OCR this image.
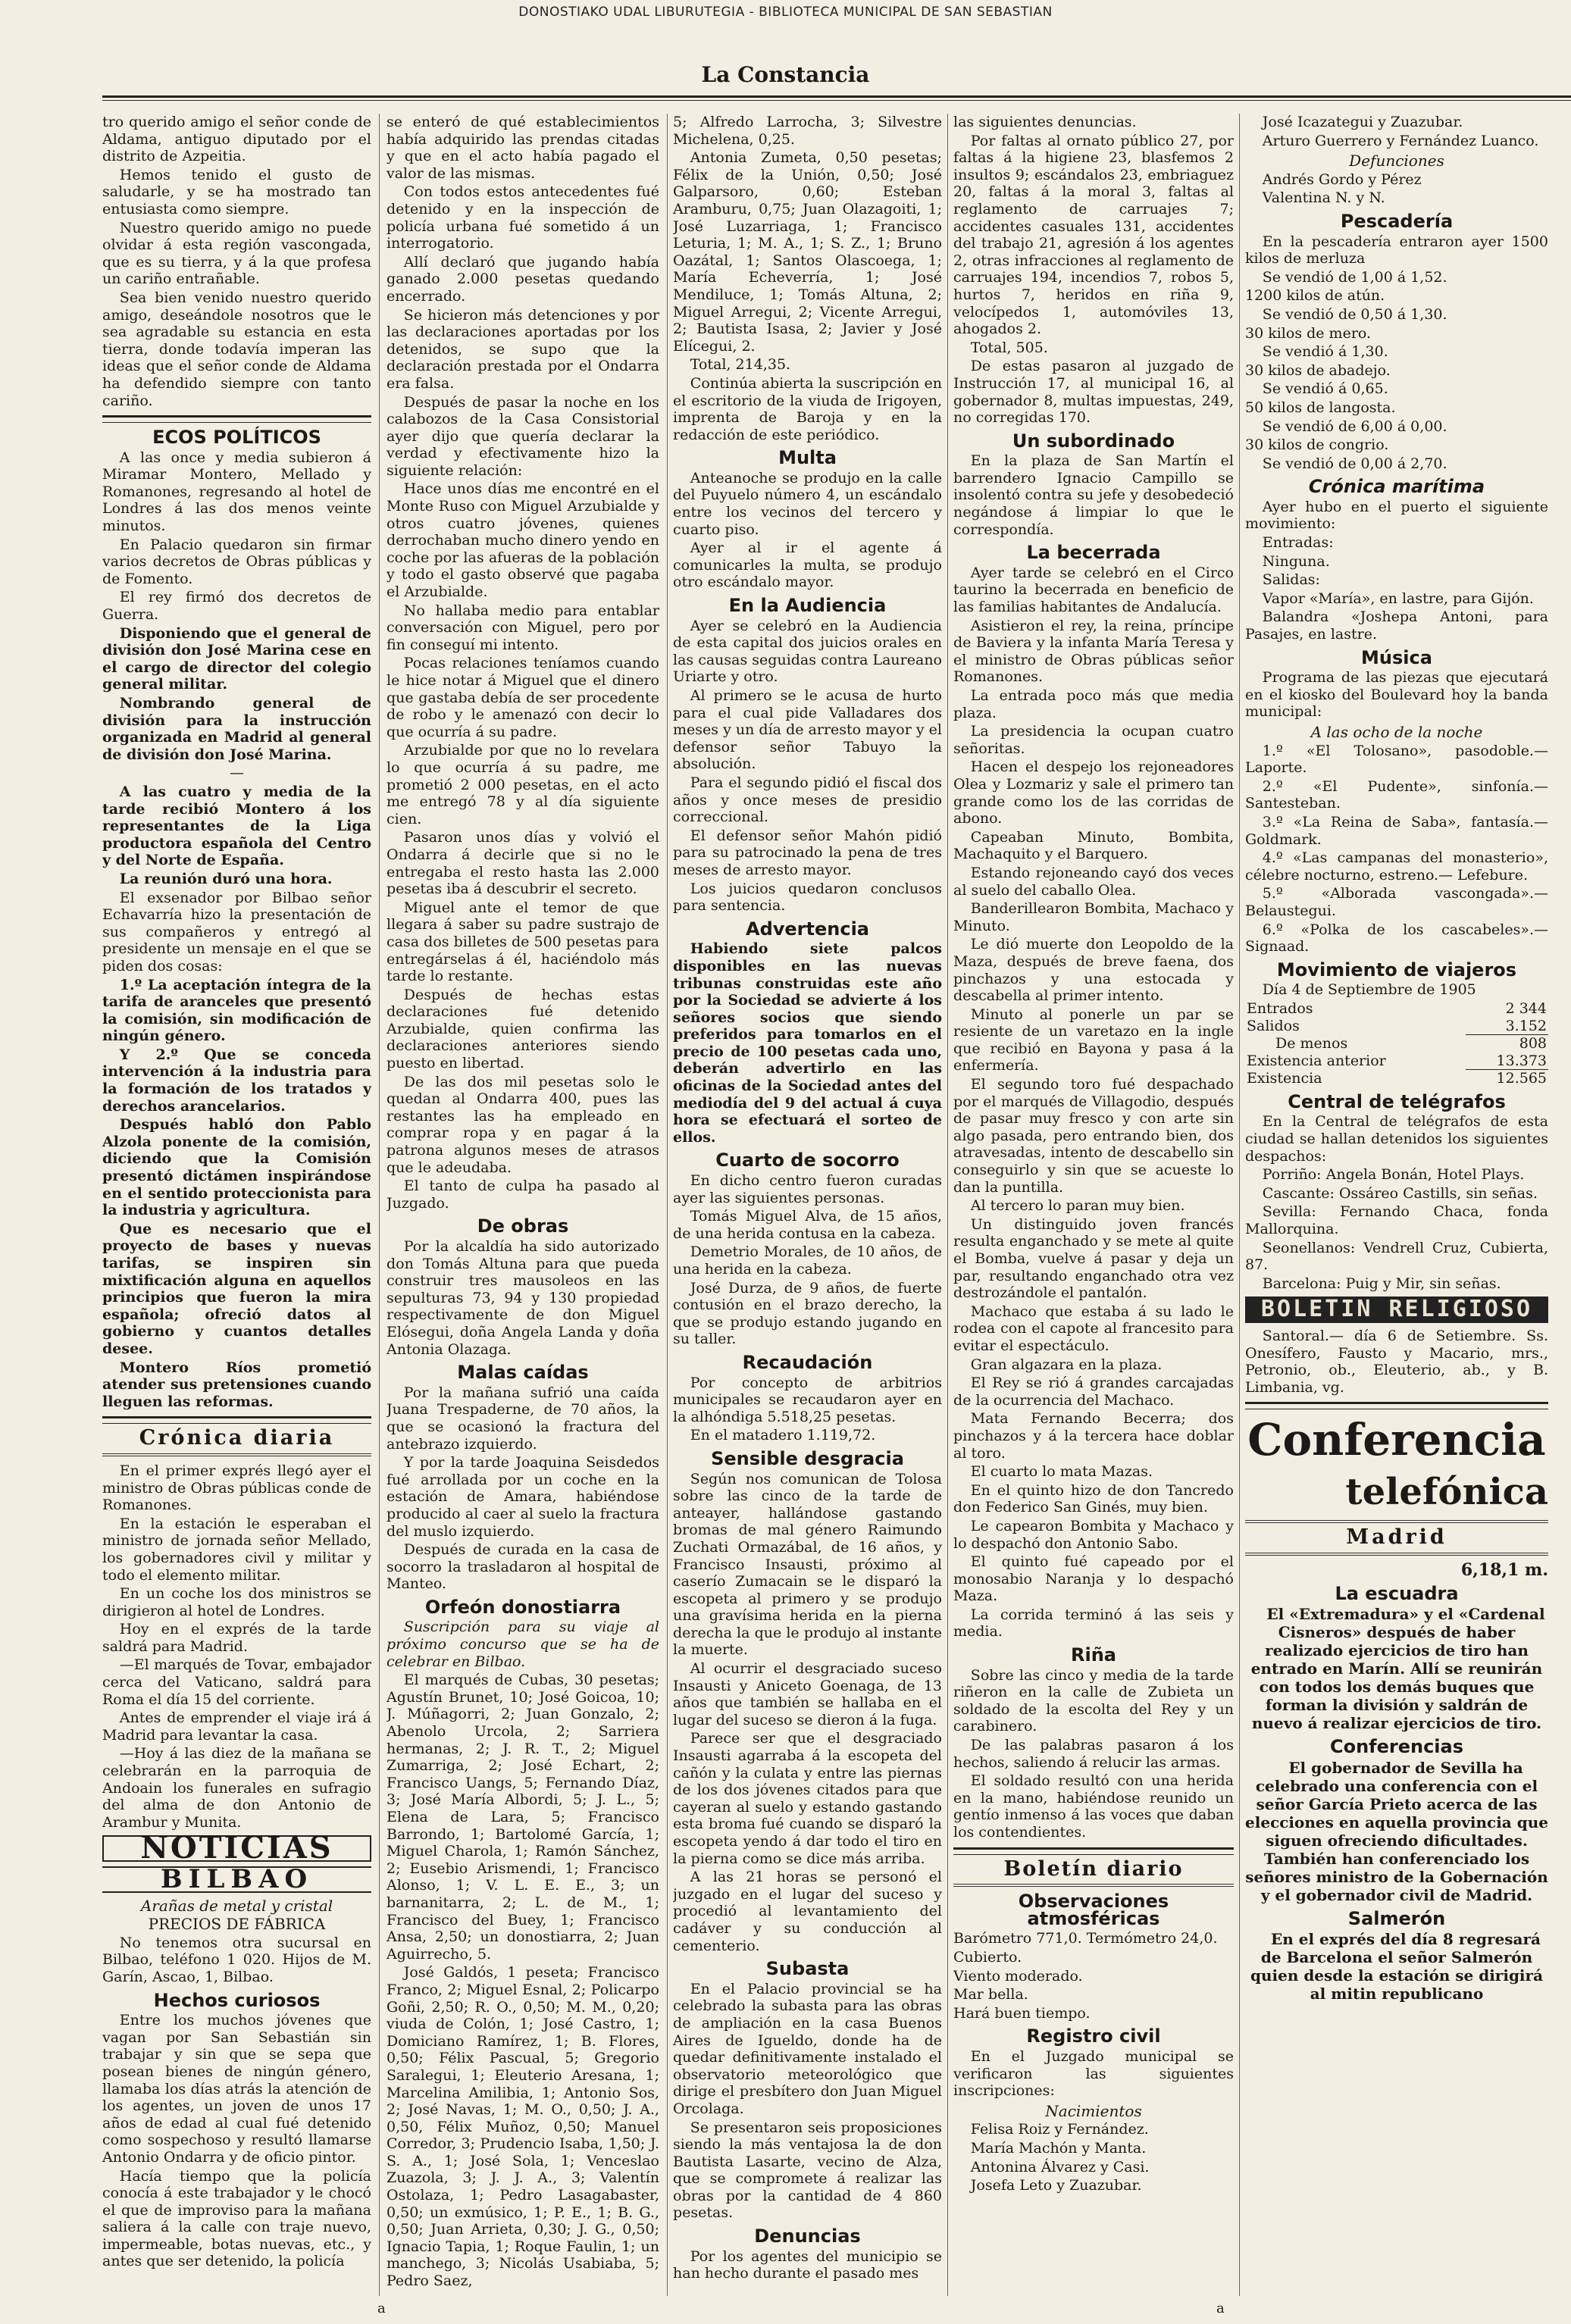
DONOSTIAKO UDAL LIBURUTEGIA - BIBLIOTECA MUNICIPAL DE SAN SEBASTIAN
La Constancia

tro querido amigo el señor conde de Aldama, antiguo diputado por el distrito de Azpeitia.

Hemos tenido el gusto de saludarle, y se ha mostrado tan entusiasta como siempre.

Nuestro querido amigo no puede olvidar á esta región vascongada, que es su tierra, y á la que profesa un cariño entrañable.

Sea bien venido nuestro querido amigo, deseándole nosotros que le sea agradable su estancia en esta tierra, donde todavía imperan las ideas que el señor conde de Aldama ha defendido siempre con tanto cariño.

ECOS POLÍTICOS

A las once y media subieron á Miramar Montero, Mellado y Romanones, regresando al hotel de Londres á las dos menos veinte minutos.

En Palacio quedaron sin firmar varios decretos de Obras públicas y de Fomento.

El rey firmó dos decretos de Guerra.

Disponiendo que el general de división don José Marina cese en el cargo de director del colegio general militar.

Nombrando general de división para la instrucción organizada en Madrid al general de división don José Marina.

—

A las cuatro y media de la tarde recibió Montero á los representantes de la Liga productora española del Centro y del Norte de España.

La reunión duró una hora.

El exsenador por Bilbao señor Echavarría hizo la presentación de sus compañeros y entregó al presidente un mensaje en el que se piden dos cosas:

1.º La aceptación íntegra de la tarifa de aranceles que presentó la comisión, sin modificación de ningún género.

Y 2.º Que se conceda intervención á la industria para la formación de los tratados y derechos arancelarios.

Después habló don Pablo Alzola ponente de la comisión, diciendo que la Comisión presentó dictámen inspirándose en el sentido proteccionista para la industria y agricultura.

Que es necesario que el proyecto de bases y nuevas tarifas, se inspiren sin mixtificación alguna en aquellos principios que fueron la mira española; ofreció datos al gobierno y cuantos detalles desee.

Montero Ríos prometió atender sus pretensiones cuando lleguen las reformas.

Crónica diaria

En el primer exprés llegó ayer el ministro de Obras públicas conde de Romanones.

En la estación le esperaban el ministro de jornada señor Mellado, los gobernadores civil y militar y todo el elemento militar.

En un coche los dos ministros se dirigieron al hotel de Londres.

Hoy en el exprés de la tarde saldrá para Madrid.

—El marqués de Tovar, embajador cerca del Vaticano, saldrá para Roma el día 15 del corriente.

Antes de emprender el viaje irá á Madrid para levantar la casa.

—Hoy á las diez de la mañana se celebrarán en la parroquia de Andoain los funerales en sufragio del alma de don Antonio de Arambur y Munita.

NOTICIAS
BILBAO
Arañas de metal y cristal
PRECIOS DE FÁBRICA

No tenemos otra sucursal en Bilbao, teléfono 1 020. Hijos de M. Garín, Ascao, 1, Bilbao.

Hechos curiosos

Entre los muchos jóvenes que vagan por San Sebastián sin trabajar y sin que se sepa que posean bienes de ningún género, llamaba los días atrás la atención de los agentes, un joven de unos 17 años de edad al cual fué detenido como sospechoso y resultó llamarse Antonio Ondarra y de oficio pintor.

Hacía tiempo que la policía conocía á este trabajador y le chocó el que de improviso para la mañana saliera á la calle con traje nuevo, impermeable, botas nuevas, etc., y antes que ser detenido, la policía

se enteró de qué establecimientos había adquirido las prendas citadas y que en el acto había pagado el valor de las mismas.

Con todos estos antecedentes fué detenido y en la inspección de policía urbana fué sometido á un interrogatorio.

Allí declaró que jugando había ganado 2.000 pesetas quedando encerrado.

Se hicieron más detenciones y por las declaraciones aportadas por los detenidos, se supo que la declaración prestada por el Ondarra era falsa.

Después de pasar la noche en los calabozos de la Casa Consistorial ayer dijo que quería declarar la verdad y efectivamente hizo la siguiente relación:

Hace unos días me encontré en el Monte Ruso con Miguel Arzubialde y otros cuatro jóvenes, quienes derrochaban mucho dinero yendo en coche por las afueras de la población y todo el gasto observé que pagaba el Arzubialde.

No hallaba medio para entablar conversación con Miguel, pero por fin conseguí mi intento.

Pocas relaciones teníamos cuando le hice notar á Miguel que el dinero que gastaba debía de ser procedente de robo y le amenazó con decir lo que ocurría á su padre.

Arzubialde por que no lo revelara lo que ocurría á su padre, me prometió 2 000 pesetas, en el acto me entregó 78 y al día siguiente cien.

Pasaron unos días y volvió el Ondarra á decirle que si no le entregaba el resto hasta las 2.000 pesetas iba á descubrir el secreto.

Miguel ante el temor de que llegara á saber su padre sustrajo de casa dos billetes de 500 pesetas para entregárselas á él, haciéndolo más tarde lo restante.

Después de hechas estas declaraciones fué detenido Arzubialde, quien confirma las declaraciones anteriores siendo puesto en libertad.

De las dos mil pesetas solo le quedan al Ondarra 400, pues las restantes las ha empleado en comprar ropa y en pagar á la patrona algunos meses de atrasos que le adeudaba.

El tanto de culpa ha pasado al Juzgado.

De obras

Por la alcaldía ha sido autorizado don Tomás Altuna para que pueda construir tres mausoleos en las sepulturas 73, 94 y 130 propiedad respectivamente de don Miguel Elósegui, doña Angela Landa y doña Antonia Olazaga.

Malas caídas

Por la mañana sufrió una caída Juana Trespaderne, de 70 años, la que se ocasionó la fractura del antebrazo izquierdo.

Y por la tarde Joaquina Seisdedos fué arrollada por un coche en la estación de Amara, habiéndose producido al caer al suelo la fractura del muslo izquierdo.

Después de curada en la casa de socorro la trasladaron al hospital de Manteo.

Orfeón donostiarra

Suscripción para su viaje al próximo concurso que se ha de celebrar en Bilbao.

El marqués de Cubas, 30 pesetas; Agustín Brunet, 10; José Goicoa, 10; J. Múñagorri, 2; Juan Gonzalo, 2; Abenolo Urcola, 2; Sarriera hermanas, 2; J. R. T., 2; Miguel Zumarriga, 2; José Echart, 2; Francisco Uangs, 5; Fernando Díaz, 3; José María Albordi, 5; J. L., 5; Elena de Lara, 5; Francisco Barrondo, 1; Bartolomé García, 1; Miguel Charola, 1; Ramón Sánchez, 2; Eusebio Arismendi, 1; Francisco Alonso, 1; V. L. E. E., 3; un barnanitarra, 2; L. de M., 1; Francisco del Buey, 1; Francisco Ansa, 2,50; un donostiarra, 2; Juan Aguirrecho, 5.

José Galdós, 1 peseta; Francisco Franco, 2; Miguel Esnal, 2; Policarpo Goñi, 2,50; R. O., 0,50; M. M., 0,20; viuda de Colón, 1; José Castro, 1; Domiciano Ramírez, 1; B. Flores, 0,50; Félix Pascual, 5; Gregorio Saralegui, 1; Eleuterio Aresana, 1; Marcelina Amilibia, 1; Antonio Sos, 2; José Navas, 1; M. O., 0,50; J. A., 0,50, Félix Muñoz, 0,50; Manuel Corredor, 3; Prudencio Isaba, 1,50; J. S. A., 1; José Sola, 1; Venceslao Zuazola, 3; J. J. A., 3; Valentín Ostolaza, 1; Pedro Lasagabaster, 0,50; un exmúsico, 1; P. E., 1; B. G., 0,50; Juan Arrieta, 0,30; J. G., 0,50; Ignacio Tapia, 1; Roque Faulin, 1; un manchego, 3; Nicolás Usabiaba, 5; Pedro Saez,

5; Alfredo Larrocha, 3; Silvestre Michelena, 0,25.

Antonia Zumeta, 0,50 pesetas; Félix de la Unión, 0,50; José Galparsoro, 0,60; Esteban Aramburu, 0,75; Juan Olazagoiti, 1; José Luzarriaga, 1; Francisco Leturia, 1; M. A., 1; S. Z., 1; Bruno Oazátal, 1; Santos Olascoega, 1; María Echeverría, 1; José Mendiluce, 1; Tomás Altuna, 2; Miguel Arregui, 2; Vicente Arregui, 2; Bautista Isasa, 2; Javier y José Elícegui, 2.

Total, 214,35.

Continúa abierta la suscripción en el escritorio de la viuda de Irigoyen, imprenta de Baroja y en la redacción de este periódico.

Multa

Anteanoche se produjo en la calle del Puyuelo número 4, un escándalo entre los vecinos del tercero y cuarto piso.

Ayer al ir el agente á comunicarles la multa, se produjo otro escándalo mayor.

En la Audiencia

Ayer se celebró en la Audiencia de esta capital dos juicios orales en las causas seguidas contra Laureano Uriarte y otro.

Al primero se le acusa de hurto para el cual pide Valladares dos meses y un día de arresto mayor y el defensor señor Tabuyo la absolución.

Para el segundo pidió el fiscal dos años y once meses de presidio correccional.

El defensor señor Mahón pidió para su patrocinado la pena de tres meses de arresto mayor.

Los juicios quedaron conclusos para sentencia.

Advertencia

Habiendo siete palcos disponibles en las nuevas tribunas construidas este año por la Sociedad se advierte á los señores socios que siendo preferidos para tomarlos en el precio de 100 pesetas cada uno, deberán advertirlo en las oficinas de la Sociedad antes del mediodía del 9 del actual á cuya hora se efectuará el sorteo de ellos.

Cuarto de socorro

En dicho centro fueron curadas ayer las siguientes personas.

Tomás Miguel Alva, de 15 años, de una herida contusa en la cabeza.

Demetrio Morales, de 10 años, de una herida en la cabeza.

José Durza, de 9 años, de fuerte contusión en el brazo derecho, la que se produjo estando jugando en su taller.

Recaudación

Por concepto de arbitrios municipales se recaudaron ayer en la alhóndiga 5.518,25 pesetas.

En el matadero 1.119,72.

Sensible desgracia

Según nos comunican de Tolosa sobre las cinco de la tarde de anteayer, hallándose gastando bromas de mal género Raimundo Zuchati Ormazábal, de 16 años, y Francisco Insausti, próximo al caserío Zumacain se le disparó la escopeta al primero y se produjo una gravísima herida en la pierna derecha la que le produjo al instante la muerte.

Al ocurrir el desgraciado suceso Insausti y Aniceto Goenaga, de 13 años que también se hallaba en el lugar del suceso se dieron á la fuga.

Parece ser que el desgraciado Insausti agarraba á la escopeta del cañón y la culata y entre las piernas de los dos jóvenes citados para que cayeran al suelo y estando gastando esta broma fué cuando se disparó la escopeta yendo á dar todo el tiro en la pierna como se dice más arriba.

A las 21 horas se personó el juzgado en el lugar del suceso y procedió al levantamiento del cadáver y su conducción al cementerio.

Subasta

En el Palacio provincial se ha celebrado la subasta para las obras de ampliación en la casa Buenos Aires de Igueldo, donde ha de quedar definitivamente instalado el observatorio meteorológico que dirige el presbítero don Juan Miguel Orcolaga.

Se presentaron seis proposiciones siendo la más ventajosa la de don Bautista Lasarte, vecino de Alza, que se compromete á realizar las obras por la cantidad de 4 860 pesetas.

Denuncias

Por los agentes del municipio se han hecho durante el pasado mes

las siguientes denuncias.

Por faltas al ornato público 27, por faltas á la higiene 23, blasfemos 2 insultos 9; escándalos 23, embriaguez 20, faltas á la moral 3, faltas al reglamento de carruajes 7; accidentes casuales 131, accidentes del trabajo 21, agresión á los agentes 2, otras infracciones al reglamento de carruajes 194, incendios 7, robos 5, hurtos 7, heridos en riña 9, velocípedos 1, automóviles 13, ahogados 2.

Total, 505.

De estas pasaron al juzgado de Instrucción 17, al municipal 16, al gobernador 8, multas impuestas, 249, no corregidas 170.

Un subordinado

En la plaza de San Martín el barrendero Ignacio Campillo se insolentó contra su jefe y desobedeció negándose á limpiar lo que le correspondía.

La becerrada

Ayer tarde se celebró en el Circo taurino la becerrada en beneficio de las familias habitantes de Andalucía.

Asistieron el rey, la reina, príncipe de Baviera y la infanta María Teresa y el ministro de Obras públicas señor Romanones.

La entrada poco más que media plaza.

La presidencia la ocupan cuatro señoritas.

Hacen el despejo los rejoneadores Olea y Lozmariz y sale el primero tan grande como los de las corridas de abono.

Capeaban Minuto, Bombita, Machaquito y el Barquero.

Estando rejoneando cayó dos veces al suelo del caballo Olea.

Banderillearon Bombita, Machaco y Minuto.

Le dió muerte don Leopoldo de la Maza, después de breve faena, dos pinchazos y una estocada y descabella al primer intento.

Minuto al ponerle un par se resiente de un varetazo en la ingle que recibió en Bayona y pasa á la enfermería.

El segundo toro fué despachado por el marqués de Villagodio, después de pasar muy fresco y con arte sin algo pasada, pero entrando bien, dos atravesadas, intento de descabello sin conseguirlo y sin que se acueste lo dan la puntilla.

Al tercero lo paran muy bien.

Un distinguido joven francés resulta enganchado y se mete al quite el Bomba, vuelve á pasar y deja un par, resultando enganchado otra vez destrozándole el pantalón.

Machaco que estaba á su lado le rodea con el capote al francesito para evitar el espectáculo.

Gran algazara en la plaza.

El Rey se rió á grandes carcajadas de la ocurrencia del Machaco.

Mata Fernando Becerra; dos pinchazos y á la tercera hace doblar al toro.

El cuarto lo mata Mazas.

En el quinto hizo de don Tancredo don Federico San Ginés, muy bien.

Le capearon Bombita y Machaco y lo despachó don Antonio Sabo.

El quinto fué capeado por el monosabio Naranja y lo despachó Maza.

La corrida terminó á las seis y media.

Riña

Sobre las cinco y media de la tarde riñeron en la calle de Zubieta un soldado de la escolta del Rey y un carabinero.

De las palabras pasaron á los hechos, saliendo á relucir las armas.

El soldado resultó con una herida en la mano, habiéndose reunido un gentío inmenso á las voces que daban los contendientes.

Boletín diario
Observaciones atmosféricas

Barómetro 771,0. Termómetro 24,0.

Cubierto.

Viento moderado.

Mar bella.

Hará buen tiempo.

Registro civil

En el Juzgado municipal se verificaron las siguientes inscripciones:

Nacimientos

Felisa Roiz y Fernández.

María Machón y Manta.

Antonina Álvarez y Casi.

Josefa Leto y Zuazubar.

José Icazategui y Zuazubar.

Arturo Guerrero y Fernández Luanco.

Defunciones

Andrés Gordo y Pérez

Valentina N. y N.

Pescadería

En la pescadería entraron ayer 1500 kilos de merluza

Se vendió de 1,00 á 1,52.

1200 kilos de atún.

Se vendió de 0,50 á 1,30.

30 kilos de mero.

Se vendió á 1,30.

30 kilos de abadejo.

Se vendió á 0,65.

50 kilos de langosta.

Se vendió de 6,00 á 0,00.

30 kilos de congrio.

Se vendió de 0,00 á 2,70.

Crónica marítima

Ayer hubo en el puerto el siguiente movimiento:

Entradas:

Ninguna.

Salidas:

Vapor «María», en lastre, para Gijón.

Balandra «Joshepa Antoni, para Pasajes, en lastre.

Música

Programa de las piezas que ejecutará en el kiosko del Boulevard hoy la banda municipal:

A las ocho de la noche

1.º «El Tolosano», pasodoble.— Laporte.

2.º «El Pudente», sinfonía.— Santesteban.

3.º «La Reina de Saba», fantasía.—Goldmark.

4.º «Las campanas del monasterio», célebre nocturno, estreno.— Lefebure.

5.º «Alborada vascongada».— Belaustegui.

6.º «Polka de los cascabeles».— Signaad.

Movimiento de viajeros

Día 4 de Septiembre de 1905

Entrados	2 344
Salidos	3.152
De menos	808
Existencia anterior	13.373
Existencia	12.565
Central de telégrafos

En la Central de telégrafos de esta ciudad se hallan detenidos los siguientes despachos:

Porriño: Angela Bonán, Hotel Plays.

Cascante: Ossáreo Castills, sin señas.

Sevilla: Fernando Chaca, fonda Mallorquina.

Seonellanos: Vendrell Cruz, Cubierta, 87.

Barcelona: Puig y Mir, sin señas.

BOLETIN RELIGIOSO

Santoral.— día 6 de Setiembre. Ss. Onesífero, Fausto y Macario, mrs., Petronio, ob., Eleuterio, ab., y B. Limbania, vg.

Conferencia
telefónica
Madrid

6,18,1 m.

La escuadra

El «Extremadura» y el «Cardenal Cisneros» después de haber realizado ejercicios de tiro han entrado en Marín. Allí se reunirán con todos los demás buques que forman la división y saldrán de nuevo á realizar ejercicios de tiro.

Conferencias

El gobernador de Sevilla ha celebrado una conferencia con el señor García Prieto acerca de las elecciones en aquella provincia que siguen ofreciendo dificultades. También han conferenciado los señores ministro de la Gobernación y el gobernador civil de Madrid.

Salmerón

En el exprés del día 8 regresará de Barcelona el señor Salmerón quien desde la estación se dirigirá al mitin republicano

a	a
